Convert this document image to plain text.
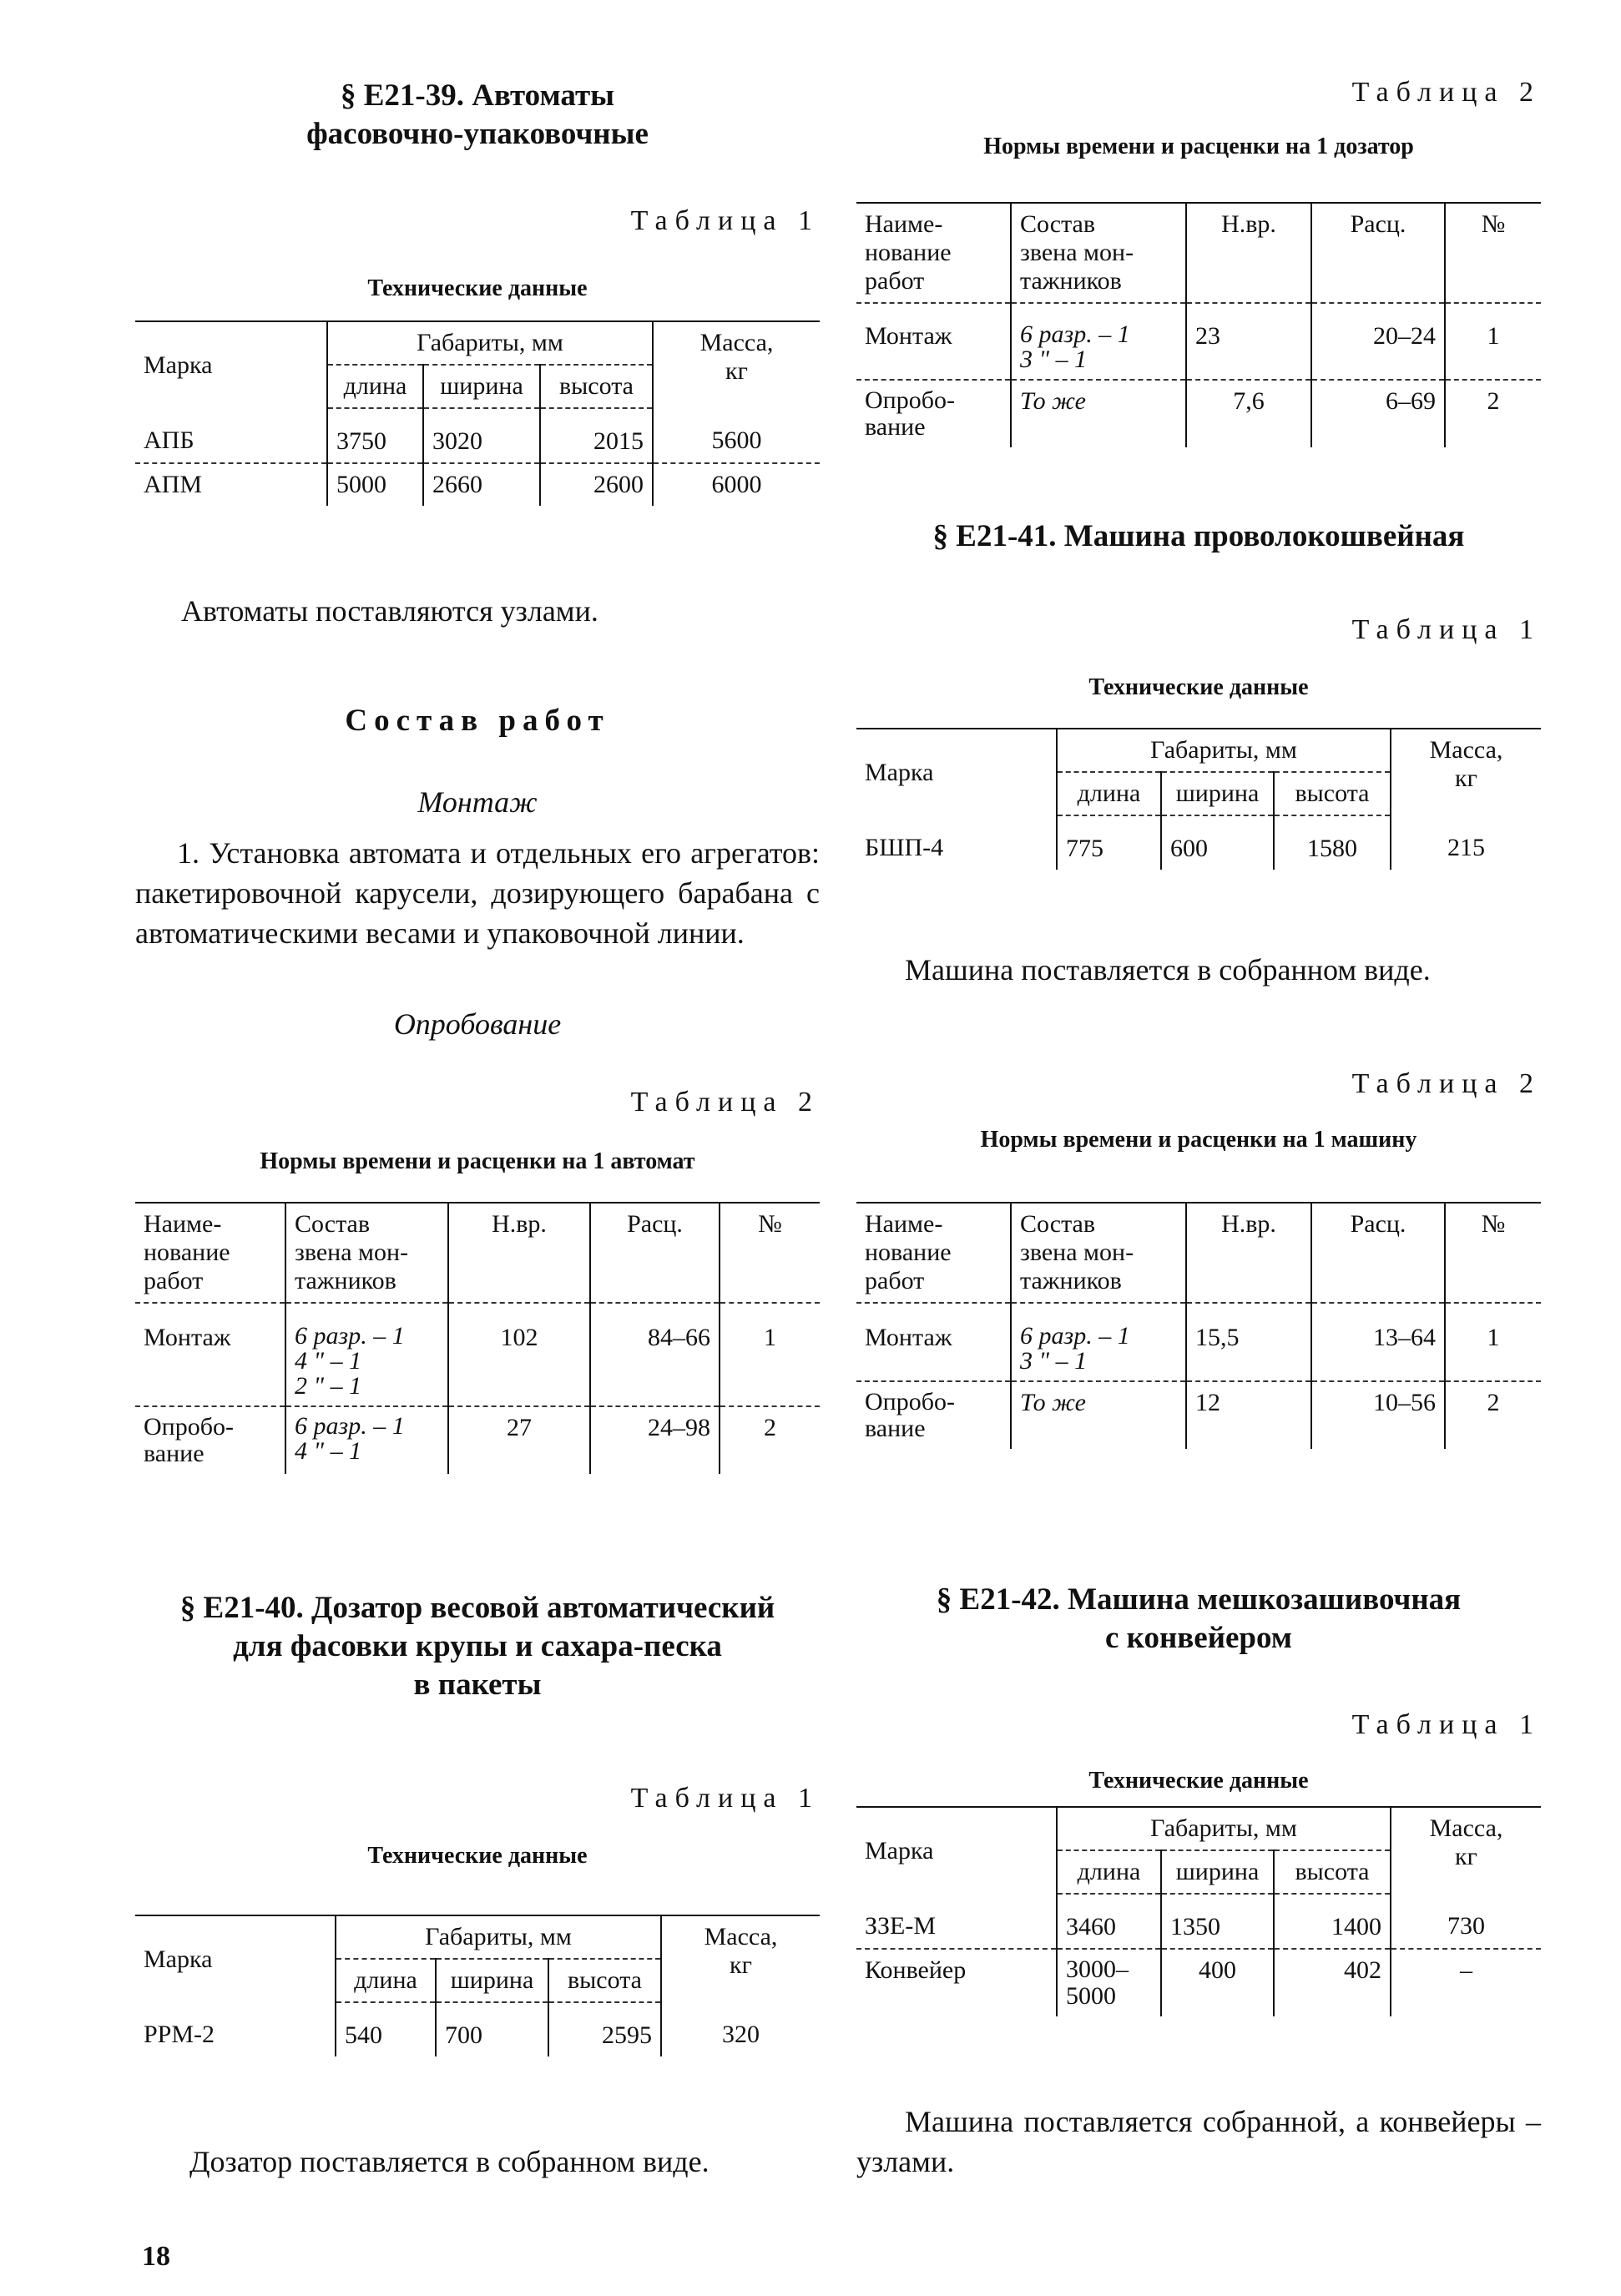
§ Е21-39. Автоматы
фасовочно-упаковочные
Таблица 1
Технические данные
Марка	Габариты, мм			Масса,
кг

	длина	ширина	высота	
АПБ	3750	3020	2015	5600
АПМ	5000	2660	2600	6000
Автоматы поставляются узлами.
Состав работ
Монтаж
1. Установка автомата и отдельных его агрегатов: пакетировочной карусели, дозирующего барабана с автоматическими весами и упаковочной линии.
Опробование
Таблица 2
Нормы времени и расценки на 1 автомат
Наиме-
нование
работ	Состав
звена мон-
тажников	Н.вр.	Расц.	№
Монтаж	6 разр. – 1
4 " – 1
2 " – 1	102	84–66	1

Опробо-
вание	6 разр. – 1
4 " – 1	27	24–98	2
§ Е21-40. Дозатор весовой автоматический
для фасовки крупы и сахара-песка
в пакеты
Таблица 1
Технические данные
Марка	Габариты, мм			Масса,
кг

	длина	ширина	высота	
РРМ-2	540	700	2595	320
Дозатор поставляется в собранном виде.
Таблица 2
Нормы времени и расценки на 1 дозатор
Наиме-
нование
работ	Состав
звена мон-
тажников	Н.вр.	Расц.	№
Монтаж	6 разр. – 1
3 " – 1	23	20–24	1

Опробо-
вание	То же	7,6	6–69	2
§ Е21-41. Машина проволокошвейная
Таблица 1
Технические данные
Марка	Габариты, мм			Масса,
кг

	длина	ширина	высота	
БШП-4	775	600	1580	215
Машина поставляется в собранном виде.
Таблица 2
Нормы времени и расценки на 1 машину
Наиме-
нование
работ	Состав
звена мон-
тажников	Н.вр.	Расц.	№
Монтаж	6 разр. – 1
3 " – 1	15,5	13–64	1

Опробо-
вание	То же	12	10–56	2
§ Е21-42. Машина мешкозашивочная
с конвейером
Таблица 1
Технические данные
Марка	Габариты, мм			Масса,
кг

	длина	ширина	высота	
ЗЗЕ-М	3460	1350	1400	730
Конвейер	3000–
5000	400	402	–
Машина поставляется собранной, а конвейеры – узлами.
18
